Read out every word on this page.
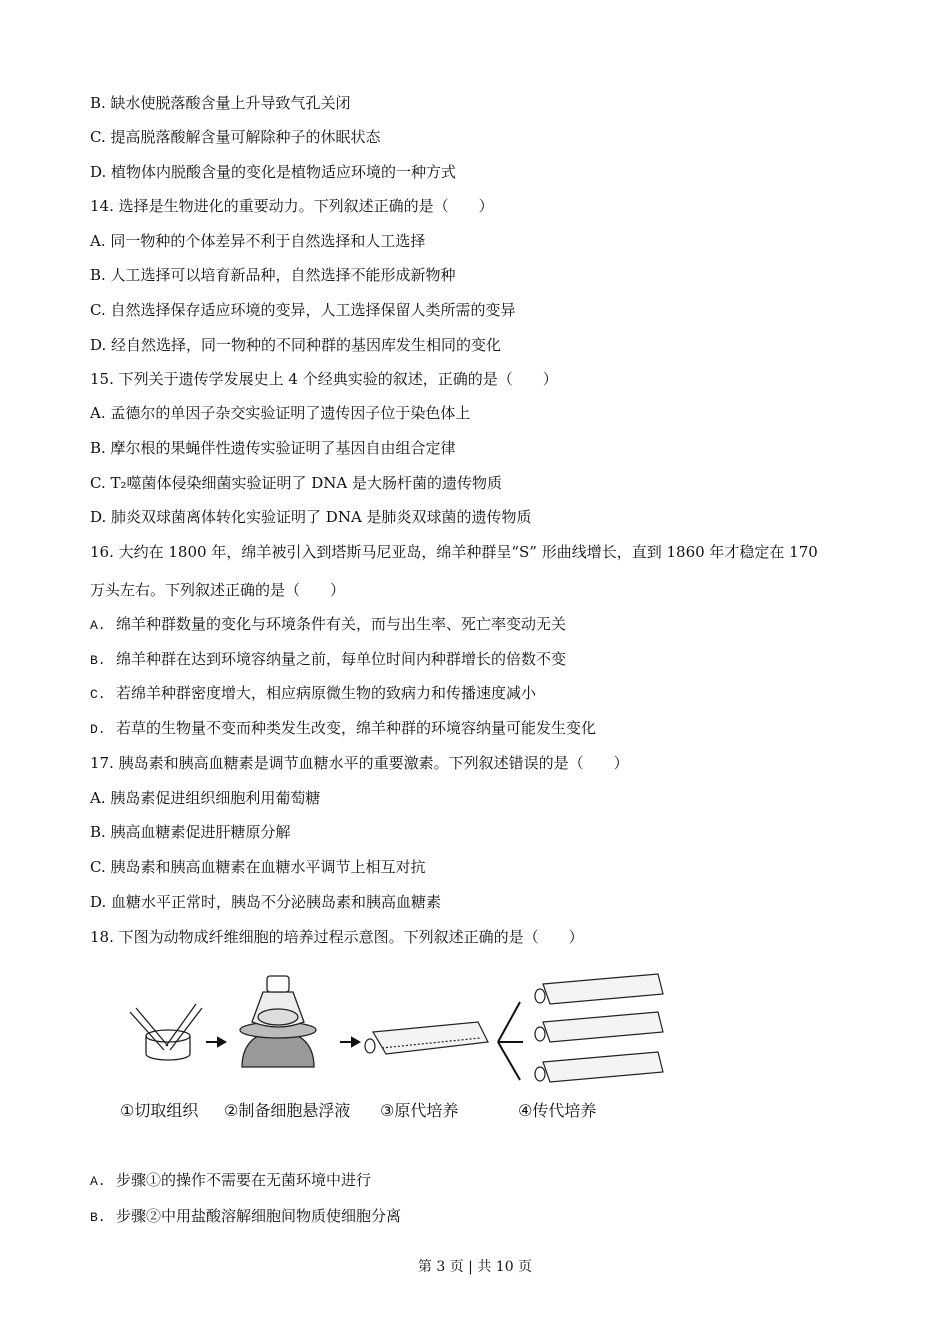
B. 缺水使脱落酸含量上升导致气孔关闭
C. 提高脱落酸解含量可解除种子的休眠状态
D. 植物体内脱酸含量的变化是植物适应环境的一种方式
14. 选择是生物进化的重要动力。下列叙述正确的是（　　）
A. 同一物种的个体差异不利于自然选择和人工选择
B. 人工选择可以培育新品种，自然选择不能形成新物种
C. 自然选择保存适应环境的变异，人工选择保留人类所需的变异
D. 经自然选择，同一物种的不同种群的基因库发生相同的变化
15. 下列关于遗传学发展史上 4 个经典实验的叙述，正确的是（　　）
A. 孟德尔的单因子杂交实验证明了遗传因子位于染色体上
B. 摩尔根的果蝇伴性遗传实验证明了基因自由组合定律
C. T₂噬菌体侵染细菌实验证明了 DNA 是大肠杆菌的遗传物质
D. 肺炎双球菌离体转化实验证明了 DNA 是肺炎双球菌的遗传物质
16. 大约在 1800 年，绵羊被引入到塔斯马尼亚岛，绵羊种群呈“S” 形曲线增长，直到 1860 年才稳定在 170
万头左右。下列叙述正确的是（　　）
A. 绵羊种群数量的变化与环境条件有关，而与出生率、死亡率变动无关
B. 绵羊种群在达到环境容纳量之前，每单位时间内种群增长的倍数不变
C. 若绵羊种群密度增大，相应病原微生物的致病力和传播速度减小
D. 若草的生物量不变而种类发生改变，绵羊种群的环境容纳量可能发生变化
17. 胰岛素和胰高血糖素是调节血糖水平的重要激素。下列叙述错误的是（　　）
A. 胰岛素促进组织细胞利用葡萄糖
B. 胰高血糖素促进肝糖原分解
C. 胰岛素和胰高血糖素在血糖水平调节上相互对抗
D. 血糖水平正常时，胰岛不分泌胰岛素和胰高血糖素
18. 下图为动物成纤维细胞的培养过程示意图。下列叙述正确的是（　　）
①切取组织 ②制备细胞悬浮液 ③原代培养	④传代培养
A. 步骤①的操作不需要在无菌环境中进行
B. 步骤②中用盐酸溶解细胞间物质使细胞分离
第 3 页 | 共 10 页
